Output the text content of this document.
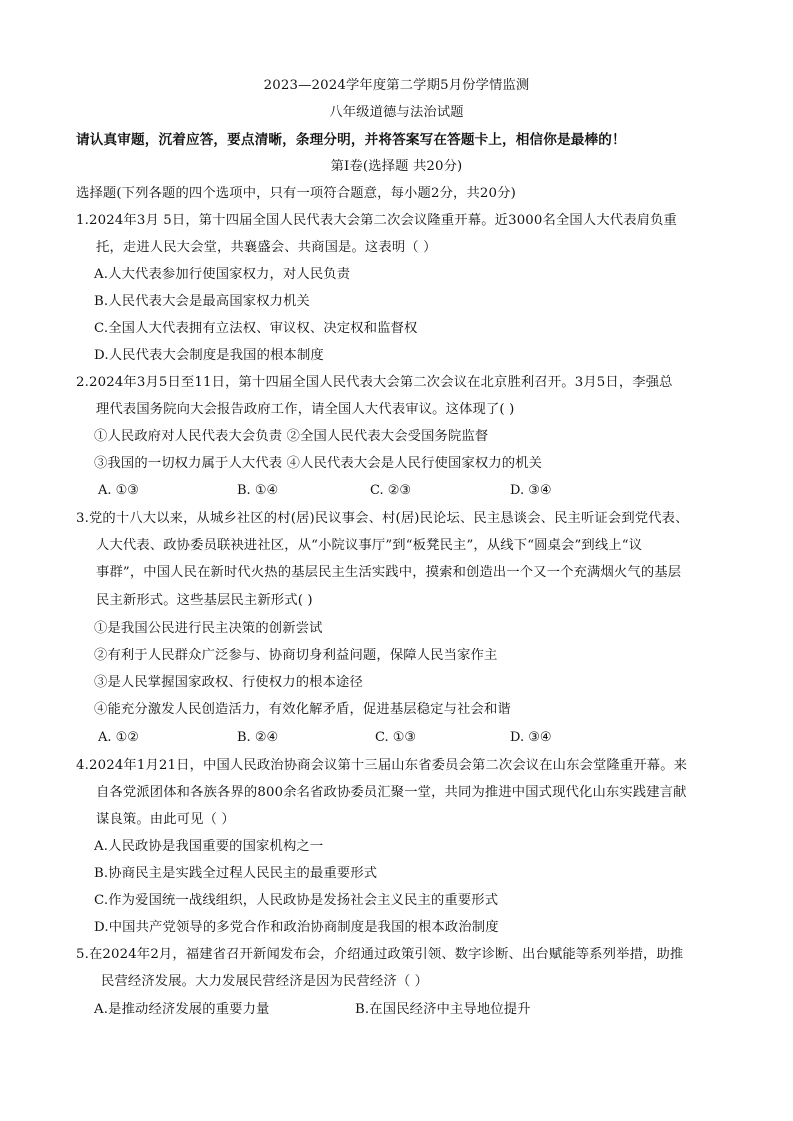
2023—2024学年度第二学期5月份学情监测
八年级道德与法治试题
请认真审题，沉着应答，要点清晰，条理分明，并将答案写在答题卡上，相信你是最棒的！
第Ⅰ卷(选择题 共20分)
选择题(下列各题的四个选项中，只有一项符合题意，每小题2分，共20分)
1.2024年3月 5日，第十四届全国人民代表大会第二次会议隆重开幕。近3000名全国人大代表肩负重
托，走进人民大会堂，共襄盛会、共商国是。这表明（ ）
A.人大代表参加行使国家权力，对人民负责
B.人民代表大会是最高国家权力机关
C.全国人大代表拥有立法权、审议权、决定权和监督权
D.人民代表大会制度是我国的根本制度
2.2024年3月5日至11日，第十四届全国人民代表大会第二次会议在北京胜利召开。3月5日，李强总
理代表国务院向大会报告政府工作，请全国人大代表审议。这体现了( )
①人民政府对人民代表大会负责 ②全国人民代表大会受国务院监督
③我国的一切权力属于人大代表 ④人民代表大会是人民行使国家权力的机关
A. ①③	B. ①④	C. ②③	D. ③④
3.党的十八大以来，从城乡社区的村(居)民议事会、村(居)民论坛、民主恳谈会、民主听证会到党代表、
人大代表、政协委员联袂进社区，从“小院议事厅”到“板凳民主”，从线下“圆桌会”到线上“议
事群”，中国人民在新时代火热的基层民主生活实践中，摸索和创造出一个又一个充满烟火气的基层
民主新形式。这些基层民主新形式( )
①是我国公民进行民主决策的创新尝试
②有利于人民群众广泛参与、协商切身利益问题，保障人民当家作主
③是人民掌握国家政权、行使权力的根本途径
④能充分激发人民创造活力，有效化解矛盾，促进基层稳定与社会和谐
A. ①②	B. ②④	C. ①③	D. ③④
4.2024年1月21日，中国人民政治协商会议第十三届山东省委员会第二次会议在山东会堂隆重开幕。来
自各党派团体和各族各界的800余名省政协委员汇聚一堂，共同为推进中国式现代化山东实践建言献
谋良策。由此可见（ ）
A.人民政协是我国重要的国家机构之一
B.协商民主是实践全过程人民民主的最重要形式
C.作为爱国统一战线组织，人民政协是发扬社会主义民主的重要形式
D.中国共产党领导的多党合作和政治协商制度是我国的根本政治制度
5.在2024年2月，福建省召开新闻发布会，介绍通过政策引领、数字诊断、出台赋能等系列举措，助推
民营经济发展。大力发展民营经济是因为民营经济（ ）
A.是推动经济发展的重要力量	B.在国民经济中主导地位提升
